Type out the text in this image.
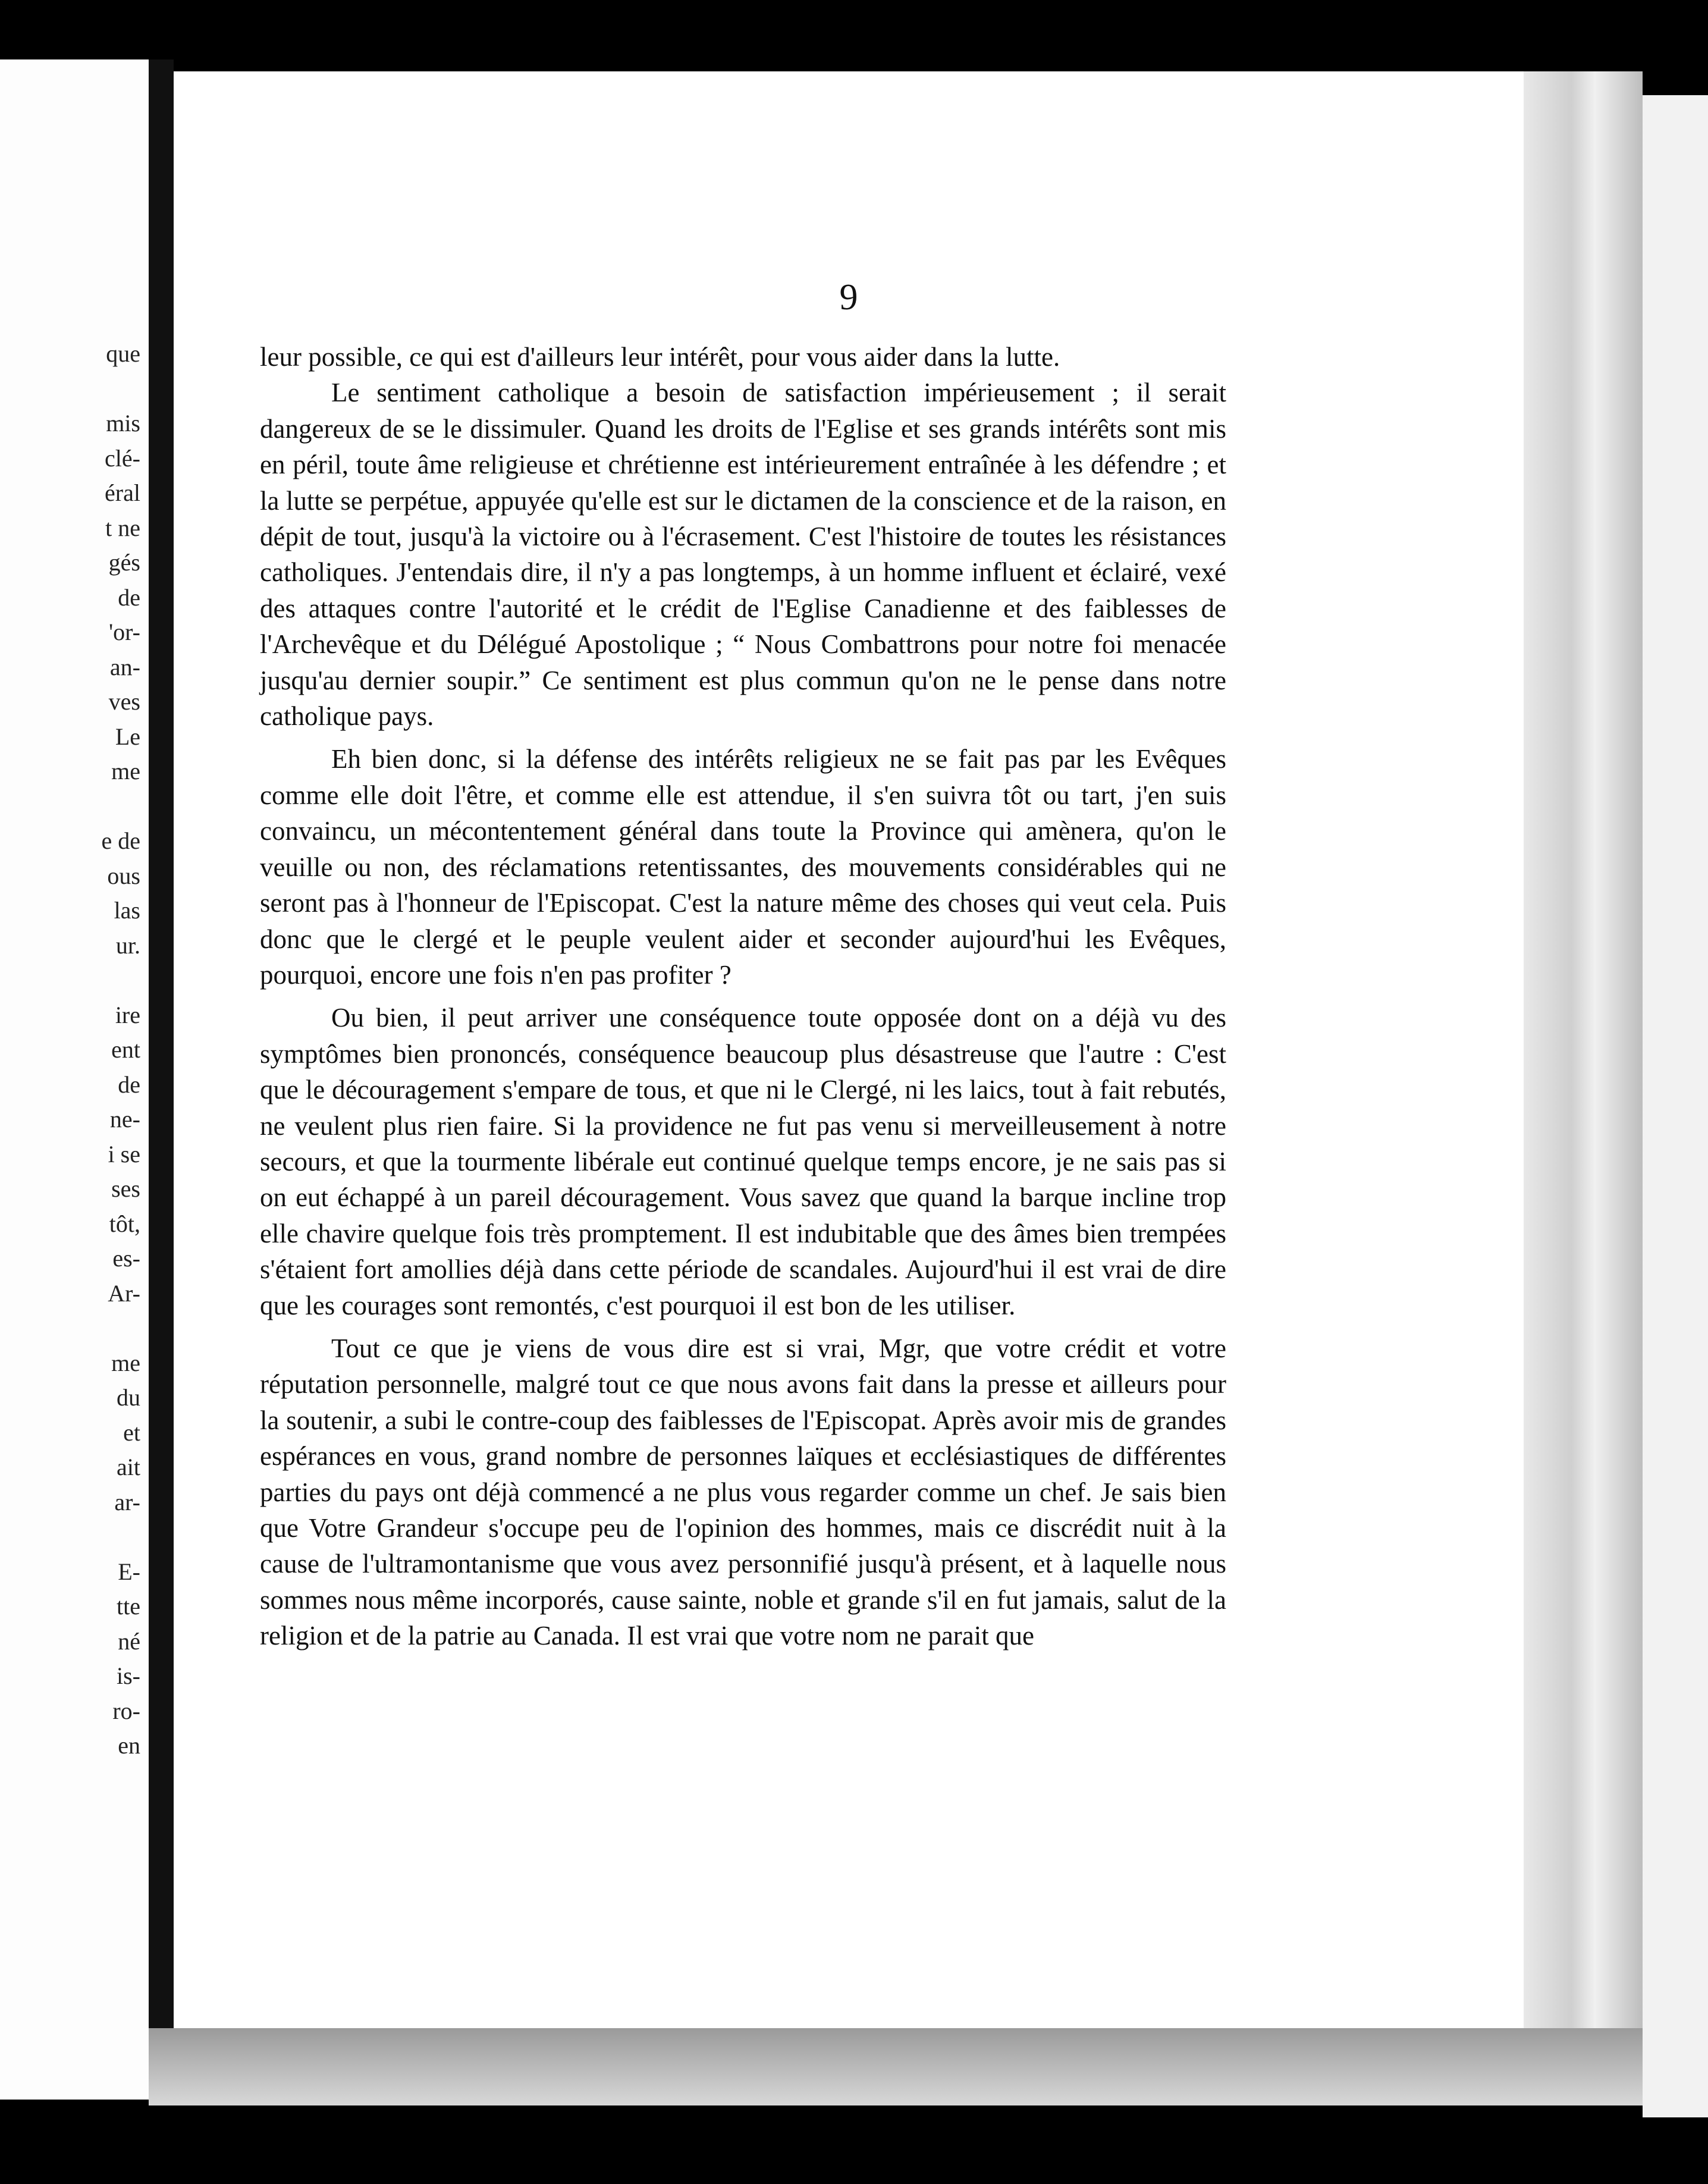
que
mis
clé-
éral
t ne
gés
de
'or-
an-
ves
Le
me
e de
ous
las
ur.
ire
ent
de
ne-
i se
ses
tôt,
es-
Ar-
me
du
et
ait
ar-
E-
tte
né
is-
ro-
en
9

leur possible, ce qui est d'ailleurs leur intérêt, pour vous aider dans la lutte.

Le sentiment catholique a besoin de satisfaction impérieusement ; il serait dangereux de se le dissimuler. Quand les droits de l'Eglise et ses grands intérêts sont mis en péril, toute âme religieuse et chrétienne est intérieurement entraînée à les défendre ; et la lutte se perpétue, appuyée qu'elle est sur le dictamen de la conscience et de la raison, en dépit de tout, jusqu'à la victoire ou à l'écrasement. C'est l'histoire de toutes les résistances catholiques. J'entendais dire, il n'y a pas longtemps, à un homme influent et éclairé, vexé des attaques contre l'autorité et le crédit de l'Eglise Canadienne et des faiblesses de l'Archevêque et du Délégué Apostolique ; “ Nous Combattrons pour notre foi menacée jusqu'au dernier soupir.” Ce sentiment est plus commun qu'on ne le pense dans notre catholique pays.

Eh bien donc, si la défense des intérêts religieux ne se fait pas par les Evêques comme elle doit l'être, et comme elle est attendue, il s'en suivra tôt ou tart, j'en suis convaincu, un mécontentement général dans toute la Province qui amènera, qu'on le veuille ou non, des réclamations retentissantes, des mouvements considérables qui ne seront pas à l'honneur de l'Episcopat. C'est la nature même des choses qui veut cela. Puis donc que le clergé et le peuple veulent aider et seconder aujourd'hui les Evêques, pourquoi, encore une fois n'en pas profiter ?

Ou bien, il peut arriver une conséquence toute opposée dont on a déjà vu des symptômes bien prononcés, conséquence beaucoup plus désastreuse que l'autre : C'est que le découragement s'empare de tous, et que ni le Clergé, ni les laics, tout à fait rebutés, ne veulent plus rien faire. Si la providence ne fut pas venu si merveilleusement à notre secours, et que la tourmente libérale eut continué quelque temps encore, je ne sais pas si on eut échappé à un pareil découragement. Vous savez que quand la barque incline trop elle chavire quelque fois très promptement. Il est indubitable que des âmes bien trempées s'étaient fort amollies déjà dans cette période de scandales. Aujourd'hui il est vrai de dire que les courages sont remontés, c'est pourquoi il est bon de les utiliser.

Tout ce que je viens de vous dire est si vrai, Mgr, que votre crédit et votre réputation personnelle, malgré tout ce que nous avons fait dans la presse et ailleurs pour la soutenir, a subi le contre-coup des faiblesses de l'Episcopat. Après avoir mis de grandes espérances en vous, grand nombre de personnes laïques et ecclésiastiques de différentes parties du pays ont déjà commencé a ne plus vous regarder comme un chef. Je sais bien que Votre Grandeur s'occupe peu de l'opinion des hommes, mais ce discrédit nuit à la cause de l'ultramontanisme que vous avez personnifié jusqu'à présent, et à laquelle nous sommes nous même incorporés, cause sainte, noble et grande s'il en fut jamais, salut de la religion et de la patrie au Canada. Il est vrai que votre nom ne parait que
